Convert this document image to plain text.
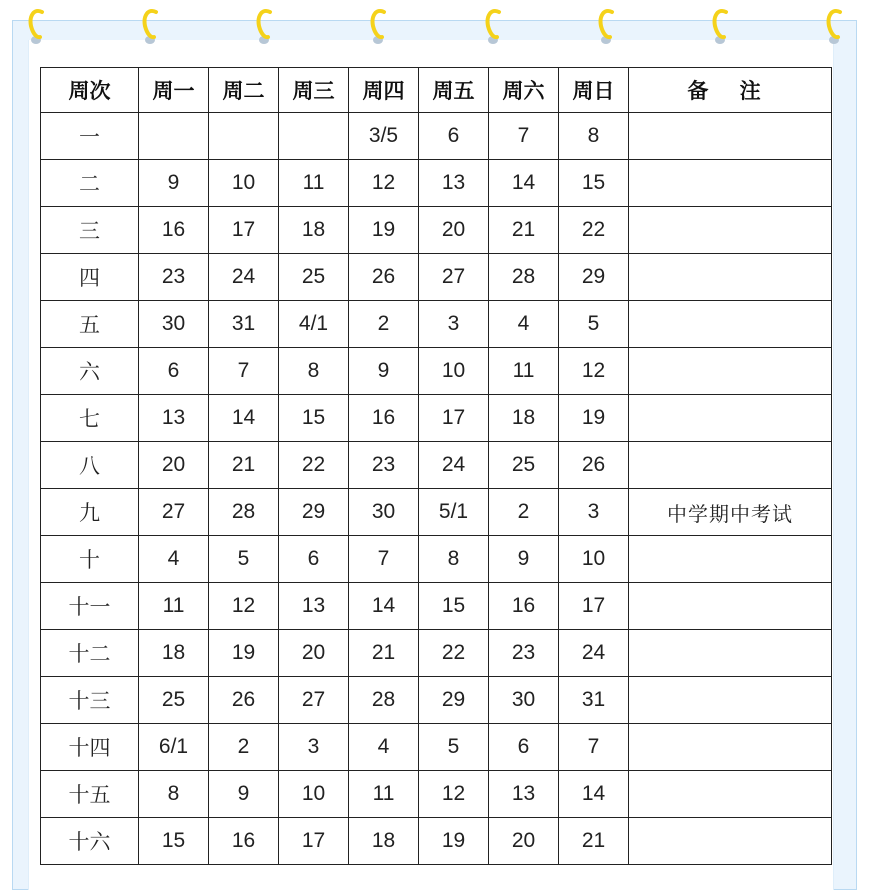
周次	周一	周二	周三	周四	周五	周六	周日	备 注
一				3/5	6	7	8	
二	9	10	11	12	13	14	15	
三	16	17	18	19	20	21	22	
四	23	24	25	26	27	28	29	
五	30	31	4/1	2	3	4	5	
六	6	7	8	9	10	11	12	
七	13	14	15	16	17	18	19	
八	20	21	22	23	24	25	26	
九	27	28	29	30	5/1	2	3	中学期中考试
十	4	5	6	7	8	9	10	
十一	11	12	13	14	15	16	17	
十二	18	19	20	21	22	23	24	
十三	25	26	27	28	29	30	31	
十四	6/1	2	3	4	5	6	7	
十五	8	9	10	11	12	13	14	
十六	15	16	17	18	19	20	21	
